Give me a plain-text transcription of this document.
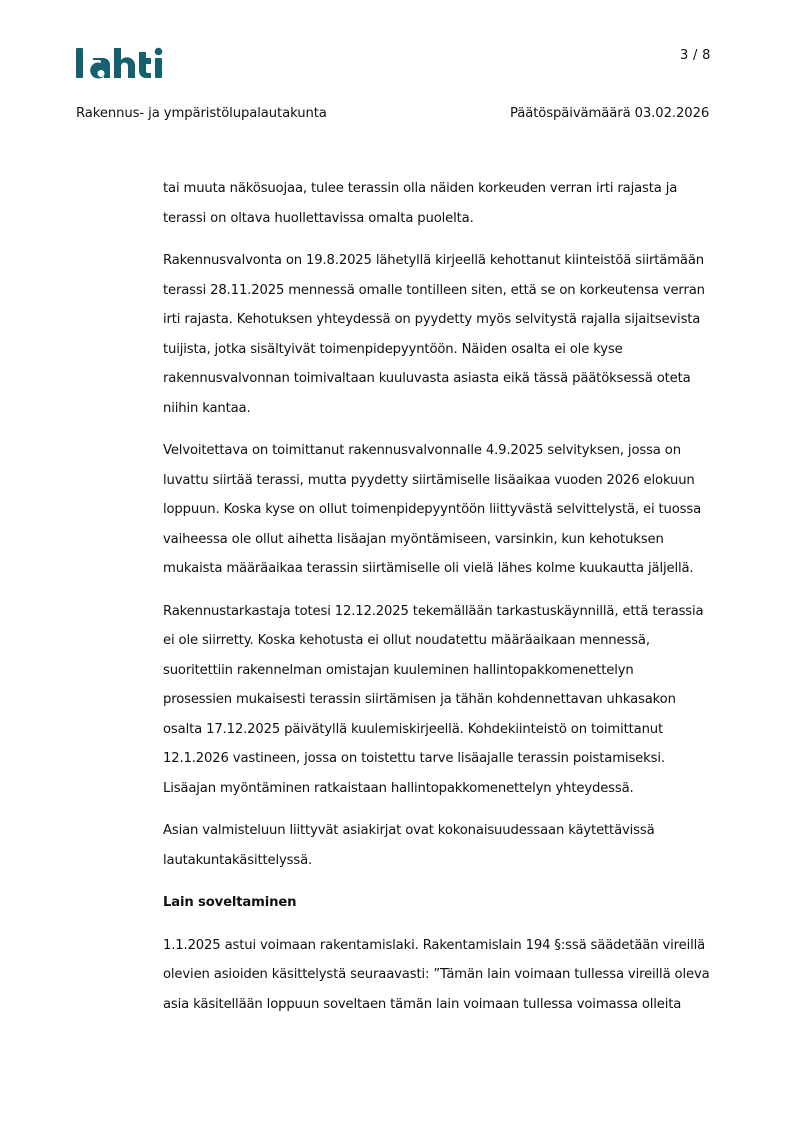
3 / 8
Rakennus- ja ympäristölupalautakunta	Päätöspäivämäärä 03.02.2026
tai muuta näkösuojaa, tulee terassin olla näiden korkeuden verran irti rajasta ja
terassi on oltava huollettavissa omalta puolelta.
Rakennusvalvonta on 19.8.2025 lähetyllä kirjeellä kehottanut kiinteistöä siirtämään
terassi 28.11.2025 mennessä omalle tontilleen siten, että se on korkeutensa verran
irti rajasta. Kehotuksen yhteydessä on pyydetty myös selvitystä rajalla sijaitsevista
tuijista, jotka sisältyivät toimenpidepyyntöön. Näiden osalta ei ole kyse
rakennusvalvonnan toimivaltaan kuuluvasta asiasta eikä tässä päätöksessä oteta
niihin kantaa.
Velvoitettava on toimittanut rakennusvalvonnalle 4.9.2025 selvityksen, jossa on
luvattu siirtää terassi, mutta pyydetty siirtämiselle lisäaikaa vuoden 2026 elokuun
loppuun. Koska kyse on ollut toimenpidepyyntöön liittyvästä selvittelystä, ei tuossa
vaiheessa ole ollut aihetta lisäajan myöntämiseen, varsinkin, kun kehotuksen
mukaista määräaikaa terassin siirtämiselle oli vielä lähes kolme kuukautta jäljellä.
Rakennustarkastaja totesi 12.12.2025 tekemällään tarkastuskäynnillä, että terassia
ei ole siirretty. Koska kehotusta ei ollut noudatettu määräaikaan mennessä,
suoritettiin rakennelman omistajan kuuleminen hallintopakkomenettelyn
prosessien mukaisesti terassin siirtämisen ja tähän kohdennettavan uhkasakon
osalta 17.12.2025 päivätyllä kuulemiskirjeellä. Kohdekiinteistö on toimittanut
12.1.2026 vastineen, jossa on toistettu tarve lisäajalle terassin poistamiseksi.
Lisäajan myöntäminen ratkaistaan hallintopakkomenettelyn yhteydessä.
Asian valmisteluun liittyvät asiakirjat ovat kokonaisuudessaan käytettävissä
lautakuntakäsittelyssä.
Lain soveltaminen
1.1.2025 astui voimaan rakentamislaki. Rakentamislain 194 §:ssä säädetään vireillä
olevien asioiden käsittelystä seuraavasti: ”Tämän lain voimaan tullessa vireillä oleva
asia käsitellään loppuun soveltaen tämän lain voimaan tullessa voimassa olleita
